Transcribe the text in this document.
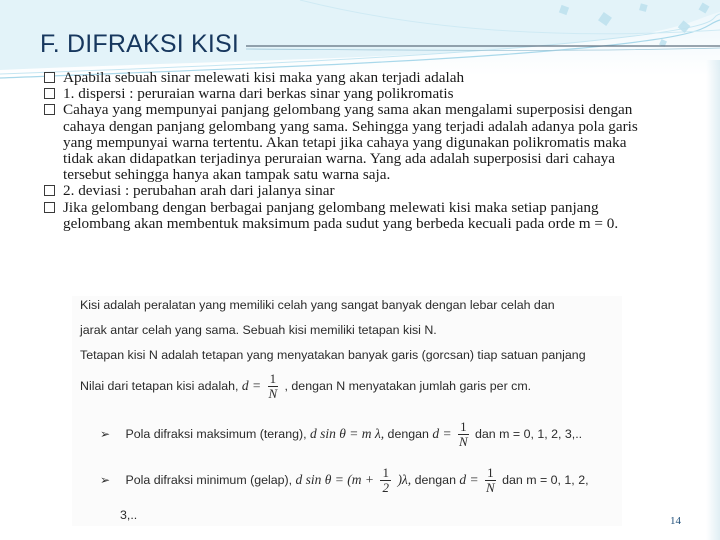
F. DIFRAKSI KISI
Apabila sebuah sinar melewati kisi maka yang akan terjadi adalah
1. dispersi : peruraian warna dari berkas sinar yang polikromatis
Cahaya yang mempunyai panjang gelombang yang sama akan mengalami superposisi dengan cahaya dengan panjang gelombang yang sama. Sehingga yang terjadi adalah adanya pola garis yang mempunyai warna tertentu. Akan tetapi jika cahaya yang digunakan polikromatis maka tidak akan didapatkan terjadinya peruraian warna. Yang ada adalah superposisi dari cahaya tersebut sehingga hanya akan tampak satu warna saja.
2. deviasi : perubahan arah dari jalanya sinar
Jika gelombang dengan berbagai panjang gelombang melewati kisi maka setiap panjang gelombang akan membentuk maksimum pada sudut yang berbeda kecuali pada orde m = 0.
Kisi adalah peralatan yang memiliki celah yang sangat banyak dengan lebar celah dan
jarak antar celah yang sama. Sebuah kisi memiliki tetapan kisi N.
Tetapan kisi N adalah tetapan yang menyatakan banyak garis (gorcsan) tiap satuan panjang
Nilai dari tetapan kisi adalah, $d = \frac{1}{N}$ , dengan N menyatakan jumlah garis per cm.
➢ Pola difraksi maksimum (terang), d sin θ = m λ, dengan $d = \frac{1}{N}$ dan m = 0, 1, 2, 3,..
➢ Pola difraksi minimum (gelap), d $\sin \theta = (m + \frac{1}{2} )\lambda$, dengan $d = \frac{1}{N}$ dan m = 0, 1, 2,
3,..	14
